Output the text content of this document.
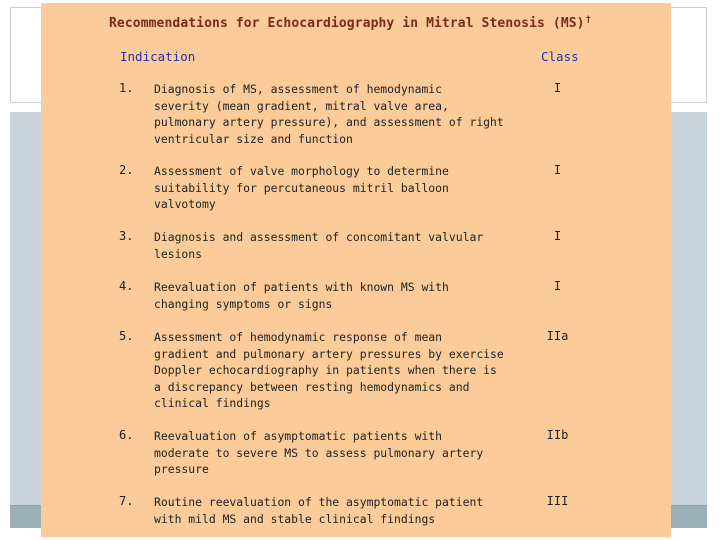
Recommendations for Echocardiography in Mitral Stenosis (MS)†
Indication	Class
1. Diagnosis of MS, assessment of hemodynamic
severity (mean gradient, mitral valve area,
pulmonary artery pressure), and assessment of right
ventricular size and function
I
2. Assessment of valve morphology to determine
suitability for percutaneous mitril balloon
valvotomy
I
3. Diagnosis and assessment of concomitant valvular
lesions
I
4. Reevaluation of patients with known MS with
changing symptoms or signs
I
5. Assessment of hemodynamic response of mean
gradient and pulmonary artery pressures by exercise
Doppler echocardiography in patients when there is
a discrepancy between resting hemodynamics and
clinical findings
IIa
6. Reevaluation of asymptomatic patients with
moderate to severe MS to assess pulmonary artery
pressure
IIb
7. Routine reevaluation of the asymptomatic patient
with mild MS and stable clinical findings
III
